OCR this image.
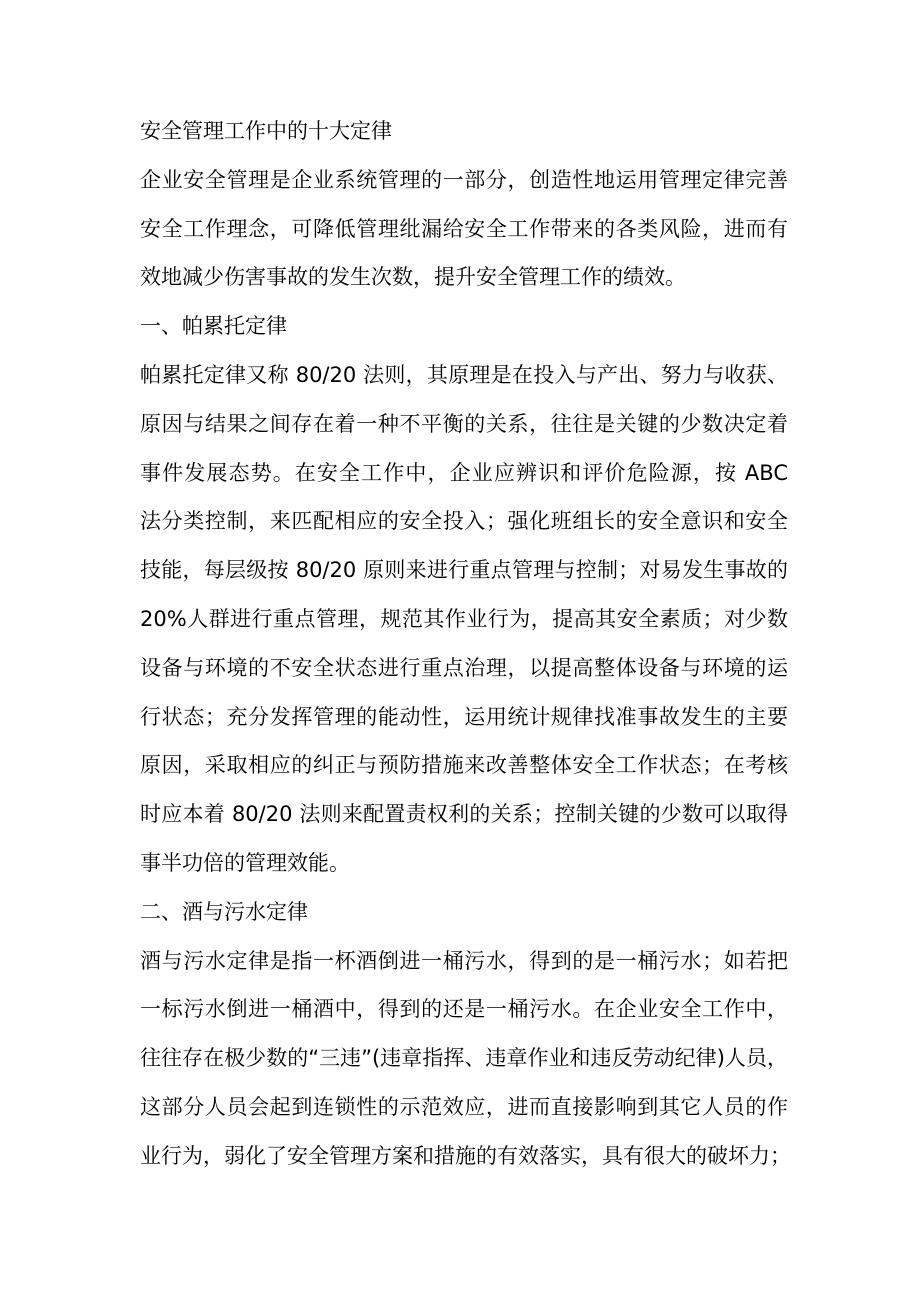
安全管理工作中的十大定律
企业安全管理是企业系统管理的一部分，创造性地运用管理定律完善
安全工作理念，可降低管理纰漏给安全工作带来的各类风险，进而有
效地减少伤害事故的发生次数，提升安全管理工作的绩效。
一、帕累托定律
帕累托定律又称 80/20 法则，其原理是在投入与产出、努力与收获、
原因与结果之间存在着一种不平衡的关系，往往是关键的少数决定着
事件发展态势。在安全工作中，企业应辨识和评价危险源，按 ABC
法分类控制，来匹配相应的安全投入；强化班组长的安全意识和安全
技能，每层级按 80/20 原则来进行重点管理与控制；对易发生事故的
20%人群进行重点管理，规范其作业行为，提高其安全素质；对少数
设备与环境的不安全状态进行重点治理，以提高整体设备与环境的运
行状态；充分发挥管理的能动性，运用统计规律找准事故发生的主要
原因，采取相应的纠正与预防措施来改善整体安全工作状态；在考核
时应本着 80/20 法则来配置责权利的关系；控制关键的少数可以取得
事半功倍的管理效能。
二、酒与污水定律
酒与污水定律是指一杯酒倒进一桶污水，得到的是一桶污水；如若把
一标污水倒进一桶酒中，得到的还是一桶污水。在企业安全工作中，
往往存在极少数的“三违”(违章指挥、违章作业和违反劳动纪律)人员，
这部分人员会起到连锁性的示范效应，进而直接影响到其它人员的作
业行为，弱化了安全管理方案和措施的有效落实，具有很大的破坏力；
